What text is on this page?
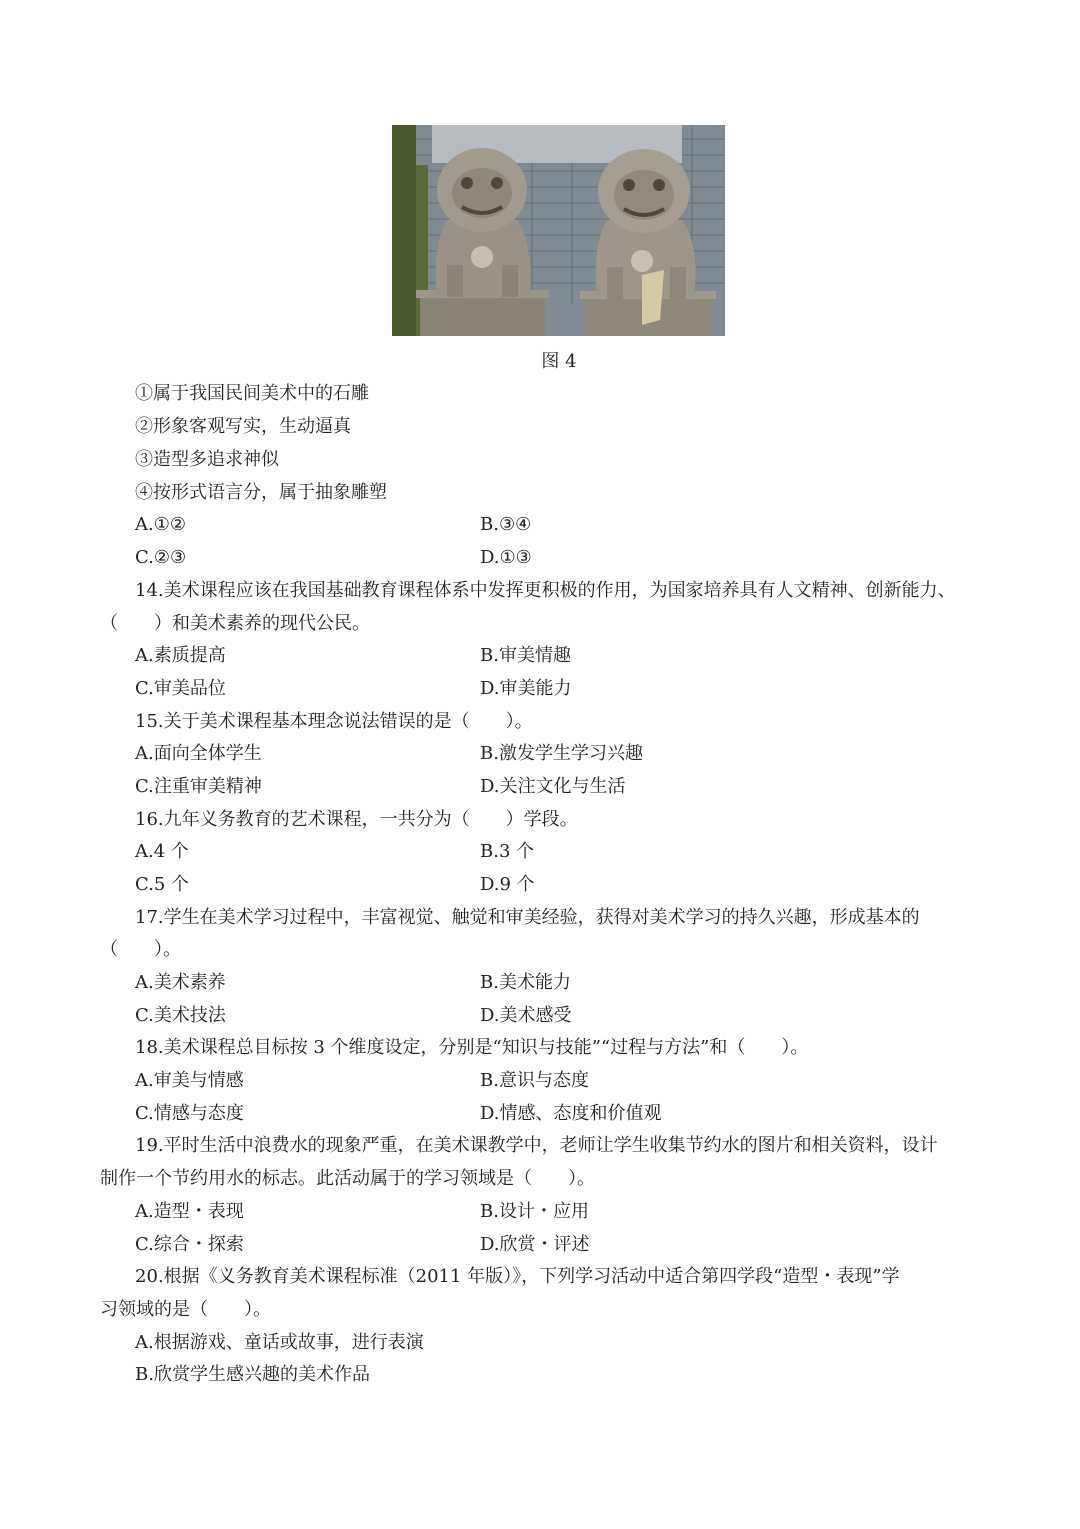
图 4
①属于我国民间美术中的石雕
②形象客观写实，生动逼真
③造型多追求神似
④按形式语言分，属于抽象雕塑
A.①②	B.③④
C.②③	D.①③
14.美术课程应该在我国基础教育课程体系中发挥更积极的作用，为国家培养具有人文精神、创新能力、
（　　）和美术素养的现代公民。
A.素质提高	B.审美情趣
C.审美品位	D.审美能力
15.关于美术课程基本理念说法错误的是（　　）。
A.面向全体学生	B.激发学生学习兴趣
C.注重审美精神	D.关注文化与生活
16.九年义务教育的艺术课程，一共分为（　　）学段。
A.4 个	B.3 个
C.5 个	D.9 个
17.学生在美术学习过程中，丰富视觉、触觉和审美经验，获得对美术学习的持久兴趣，形成基本的
（　　）。
A.美术素养	B.美术能力
C.美术技法	D.美术感受
18.美术课程总目标按 3 个维度设定，分别是“知识与技能”“过程与方法”和（　　）。
A.审美与情感	B.意识与态度
C.情感与态度	D.情感、态度和价值观
19.平时生活中浪费水的现象严重，在美术课教学中，老师让学生收集节约水的图片和相关资料，设计
制作一个节约用水的标志。此活动属于的学习领域是（　　）。
A.造型・表现	B.设计・应用
C.综合・探索	D.欣赏・评述
20.根据《义务教育美术课程标准（2011 年版）》，下列学习活动中适合第四学段“造型・表现”学
习领域的是（　　）。
A.根据游戏、童话或故事，进行表演
B.欣赏学生感兴趣的美术作品
